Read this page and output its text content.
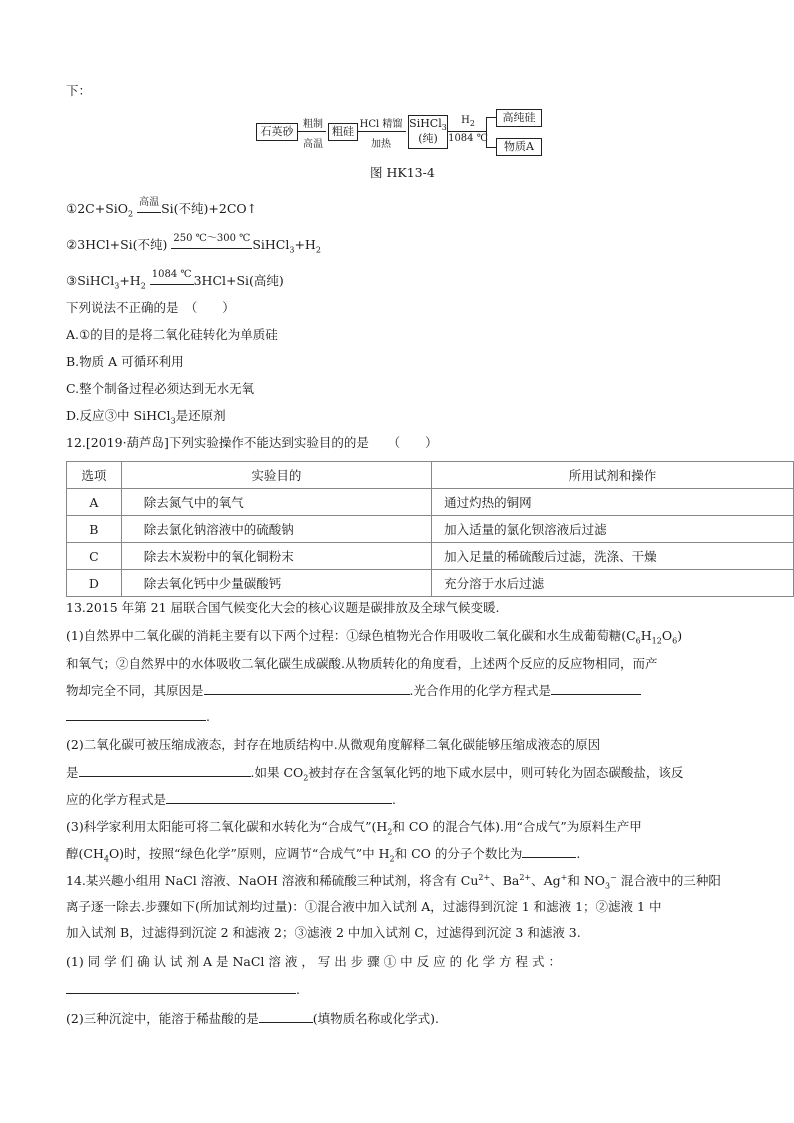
下：
石英砂
粗制
高温
粗硅
HCl 精馏
加热
SiHCl$_3$
(纯)
$H_2$
1084 ℃
高纯硅
物质A
图 HK13-4
①2C+SiO$_2$
高温 Si(不纯)+2CO↑
②3HCl+Si(不纯) 250 ℃～300 ℃ $SiHCl_3+H_2$
$③SiHCl_3+H_2$
1084 ℃ 3HCl+Si(高纯)
下列说法不正确的是　（　　）
A.①的目的是将二氧化硅转化为单质硅
B.物质 A 可循环利用
C.整个制备过程必须达到无水无氧
D.反应③中 SiHCl$_3$是还原剂
12.[2019·葫芦岛]下列实验操作不能达到实验目的的是　　（　　）
选项	实验目的	所用试剂和操作
A	除去氮气中的氧气	通过灼热的铜网
B	除去氯化钠溶液中的硫酸钠	加入适量的氯化钡溶液后过滤
C	除去木炭粉中的氧化铜粉末	加入足量的稀硫酸后过滤，洗涤、干燥
D	除去氧化钙中少量碳酸钙	充分溶于水后过滤
13.2015 年第 21 届联合国气候变化大会的核心议题是碳排放及全球气候变暖.
(1)自然界中二氧化碳的消耗主要有以下两个过程：①绿色植物光合作用吸收二氧化碳和水生成葡萄糖$(C_6H_{12}O_6)$
和氧气；②自然界中的水体吸收二氧化碳生成碳酸.从物质转化的角度看，上述两个反应的反应物相同，而产
物却完全不同，其原因是	.光合作用的化学方程式是
.
(2)二氧化碳可被压缩成液态，封存在地质结构中.从微观角度解释二氧化碳能够压缩成液态的原因
是	.如果 $CO_2$被封存在含氢氧化钙的地下咸水层中，则可转化为固态碳酸盐，该反
应的化学方程式是	.
(3)科学家利用太阳能可将二氧化碳和水转化为“合成气$”(H_2$和 CO 的混合气体).用“合成气”为原料生产甲
醇$(CH_4O)$时，按照“绿色化学”原则，应调节“合成气”中 $H_2$和 CO 的分子个数比为	.
14.某兴趣小组用 NaCl 溶液、NaOH 溶液和稀硫酸三种试剂，将含有 $Cu^{2+}$、$Ba^{2+}$、Ag+和 $NO_3^-$ 混合液中的三种阳
离子逐一除去.步骤如下(所加试剂均过量)：①混合液中加入试剂 A，过滤得到沉淀 1 和滤液 1；②滤液 1 中
加入试剂 B，过滤得到沉淀 2 和滤液 2；③滤液 2 中加入试剂 C，过滤得到沉淀 3 和滤液 3.
(1) 同 学 们 确 认 试 剂 A 是 NaCl 溶 液 ， 写 出 步 骤 ① 中 反 应 的 化 学 方 程 式 ：
.
(2)三种沉淀中，能溶于稀盐酸的是	(填物质名称或化学式).
